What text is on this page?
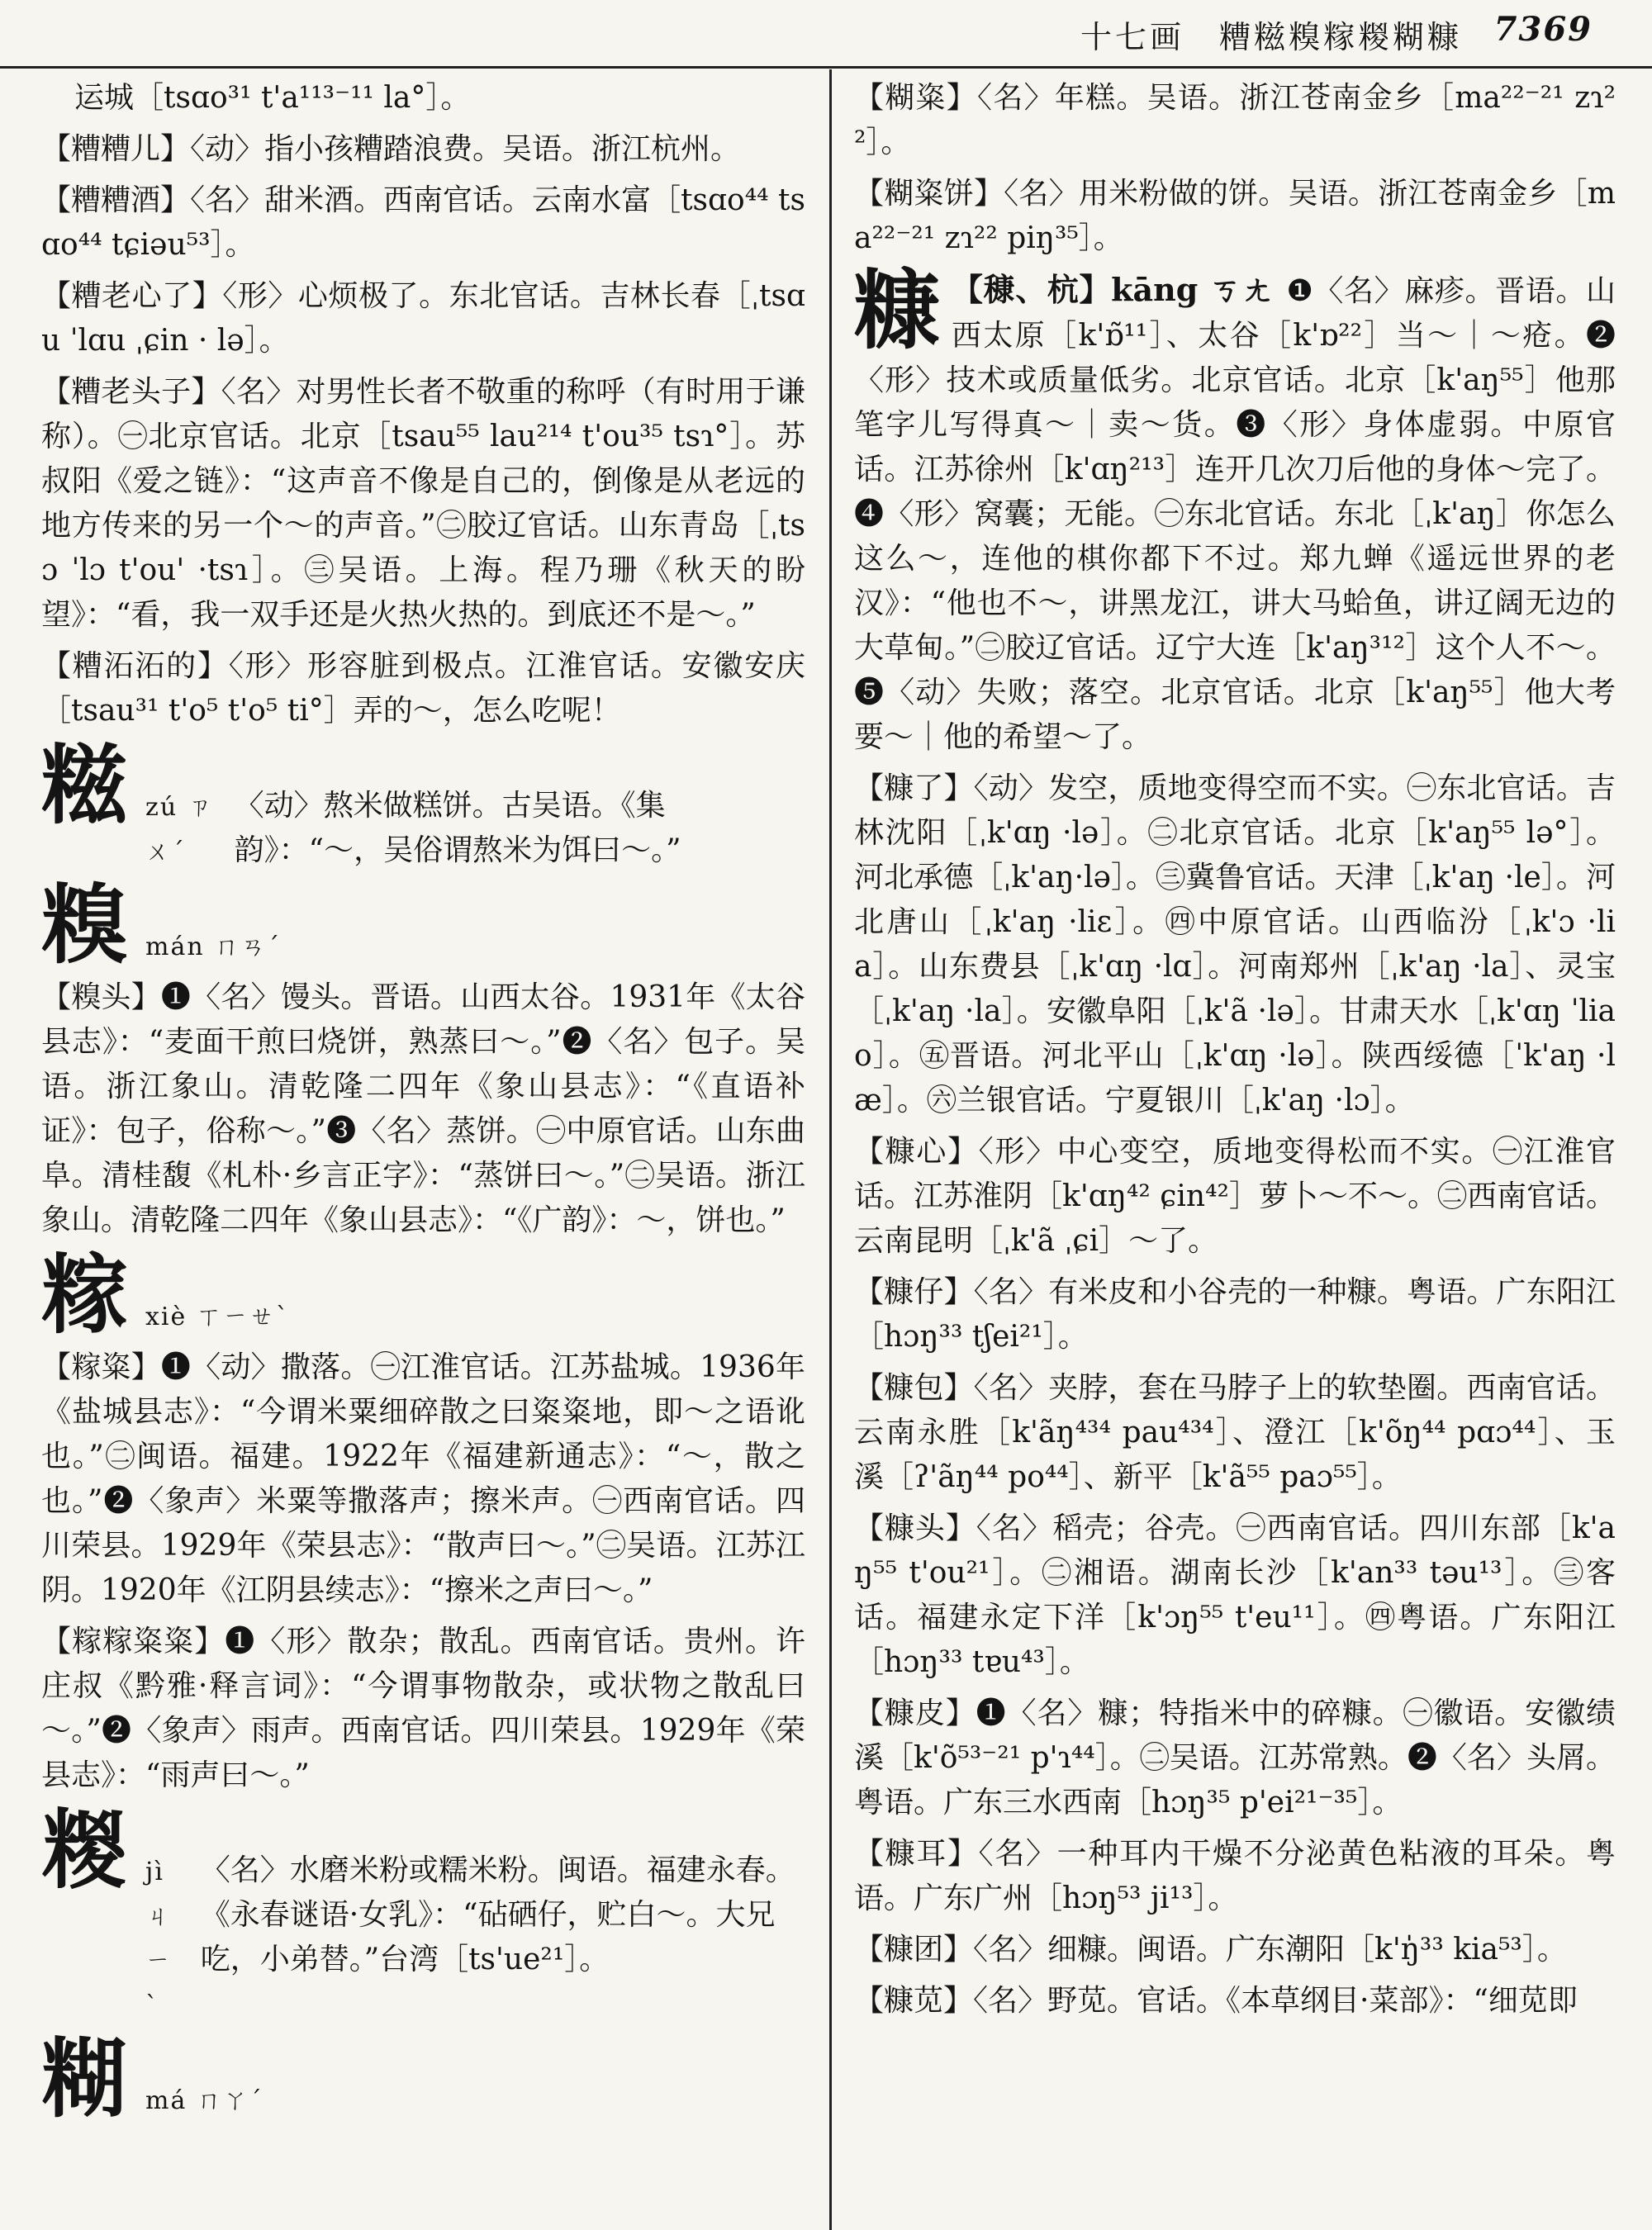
十七画　糟糍糗糘糉糊糠 7369

运城［tsɑo³¹ t'a¹¹³⁻¹¹ la°］。

【糟糟儿】〈动〉指小孩糟踏浪费。吴语。浙江杭州。

【糟糟酒】〈名〉甜米酒。西南官话。云南水富［tsɑo⁴⁴ tsɑo⁴⁴ tɕiəu⁵³］。

【糟老心了】〈形〉心烦极了。东北官话。吉林长春［ˌtsɑu ˈlɑu ˌɕin · lə］。

【糟老头子】〈名〉对男性长者不敬重的称呼（有时用于谦称）。㊀北京官话。北京［tsau⁵⁵ lau²¹⁴ t'ou³⁵ tsɿ°］。苏叔阳《爱之链》：“这声音不像是自己的，倒像是从老远的地方传来的另一个～的声音。”㊁胶辽官话。山东青岛［ˌtsɔ ˈlɔ t'ou' ·tsɿ］。㊂吴语。上海。程乃珊《秋天的盼望》：“看，我一双手还是火热火热的。到底还不是～。”

【糟沰沰的】〈形〉形容脏到极点。江淮官话。安徽安庆［tsau³¹ t'o⁵ t'o⁵ ti°］弄的～，怎么吃呢！

糍 zú ㄗㄨˊ
〈动〉熬米做糕饼。古吴语。《集韵》：“～，吴俗谓熬米为饵曰～。”
糗 mán ㄇㄢˊ

【糗头】❶〈名〉馒头。晋语。山西太谷。1931年《太谷县志》：“麦面干煎曰烧饼，熟蒸曰～。”❷〈名〉包子。吴语。浙江象山。清乾隆二四年《象山县志》：“《直语补证》：包子，俗称～。”❸〈名〉蒸饼。㊀中原官话。山东曲阜。清桂馥《札朴·乡言正字》：“蒸饼曰～。”㊁吴语。浙江象山。清乾隆二四年《象山县志》：“《广韵》：～，饼也。”

糘 xiè ㄒㄧㄝˋ

【糘粢】❶〈动〉撒落。㊀江淮官话。江苏盐城。1936年《盐城县志》：“今谓米粟细碎散之曰粢粢地，即～之语讹也。”㊁闽语。福建。1922年《福建新通志》：“～，散之也。”❷〈象声〉米粟等撒落声；擦米声。㊀西南官话。四川荣县。1929年《荣县志》：“散声曰～。”㊁吴语。江苏江阴。1920年《江阴县续志》：“擦米之声曰～。”

【糘糘粢粢】❶〈形〉散杂；散乱。西南官话。贵州。许庄叔《黔雅·释言词》：“今谓事物散杂，或状物之散乱曰～。”❷〈象声〉雨声。西南官话。四川荣县。1929年《荣县志》：“雨声曰～。”

糉 jì ㄐㄧˋ
〈名〉水磨米粉或糯米粉。闽语。福建永春。《永春谜语·女乳》：“砧硒仔，贮白～。大兄吃，小弟替。”台湾［ts'ue²¹］。
糊 má ㄇㄚˊ

【糊粢】〈名〉年糕。吴语。浙江苍南金乡［ma²²⁻²¹ zɿ²²］。

【糊粢饼】〈名〉用米粉做的饼。吴语。浙江苍南金乡［ma²²⁻²¹ zɿ²² piŋ³⁵］。

糠 【穅、杭】kāng ㄎㄤ ❶〈名〉麻疹。晋语。山西太原［k'ɒ̃¹¹］、太谷［k'ɒ²²］当～｜～疮。❷〈形〉技术或质量低劣。北京官话。北京［k'aŋ⁵⁵］他那笔字儿写得真～｜卖～货。❸〈形〉身体虚弱。中原官话。江苏徐州［k'ɑŋ²¹³］连开几次刀后他的身体～完了。❹〈形〉窝囊；无能。㊀东北官话。东北［ˌk'aŋ］你怎么这么～，连他的棋你都下不过。郑九蝉《遥远世界的老汉》：“他也不～，讲黑龙江，讲大马蛤鱼，讲辽阔无边的大草甸。”㊁胶辽官话。辽宁大连［k'aŋ³¹²］这个人不～。❺〈动〉失败；落空。北京官话。北京［k'aŋ⁵⁵］他大考要～｜他的希望～了。

【糠了】〈动〉发空，质地变得空而不实。㊀东北官话。吉林沈阳［ˌk'ɑŋ ·lə］。㊁北京官话。北京［k'aŋ⁵⁵ lə°］。河北承德［ˌk'aŋ·lə］。㊂冀鲁官话。天津［ˌk'aŋ ·le］。河北唐山［ˌk'aŋ ·liɛ］。㊃中原官话。山西临汾［ˌk'ɔ ·lia］。山东费县［ˌk'ɑŋ ·lɑ］。河南郑州［ˌk'aŋ ·la］、灵宝［ˌk'aŋ ·la］。安徽阜阳［ˌk'ã ·lə］。甘肃天水［ˌk'ɑŋ ˈliao］。㊄晋语。河北平山［ˌk'ɑŋ ·lə］。陕西绥德［ˈk'aŋ ·læ］。㊅兰银官话。宁夏银川［ˌk'aŋ ·lɔ］。

【糠心】〈形〉中心变空，质地变得松而不实。㊀江淮官话。江苏淮阴［k'ɑŋ⁴² ɕin⁴²］萝卜～不～。㊁西南官话。云南昆明［ˌk'ã ˌɕi］～了。

【糠仔】〈名〉有米皮和小谷壳的一种糠。粤语。广东阳江［hɔŋ³³ tʃei²¹］。

【糠包】〈名〉夹脖，套在马脖子上的软垫圈。西南官话。云南永胜［k'ãŋ⁴³⁴ pau⁴³⁴］、澄江［k'õŋ⁴⁴ pɑɔ⁴⁴］、玉溪［ʔ'ãŋ⁴⁴ po⁴⁴］、新平［k'ã⁵⁵ paɔ⁵⁵］。

【糠头】〈名〉稻壳；谷壳。㊀西南官话。四川东部［k'aŋ⁵⁵ t'ou²¹］。㊁湘语。湖南长沙［k'an³³ təu¹³］。㊂客话。福建永定下洋［k'ɔŋ⁵⁵ t'eu¹¹］。㊃粤语。广东阳江［hɔŋ³³ tɐu⁴³］。

【糠皮】❶〈名〉糠；特指米中的碎糠。㊀徽语。安徽绩溪［k'õ⁵³⁻²¹ p'ɿ⁴⁴］。㊁吴语。江苏常熟。❷〈名〉头屑。粤语。广东三水西南［hɔŋ³⁵ p'ei²¹⁻³⁵］。

【糠耳】〈名〉一种耳内干燥不分泌黄色粘液的耳朵。粤语。广东广州［hɔŋ⁵³ ji¹³］。

【糠团】〈名〉细糠。闽语。广东潮阳［k'ŋ̍³³ kia⁵³］。

【糠苋】〈名〉野苋。官话。《本草纲目·菜部》：“细苋即
